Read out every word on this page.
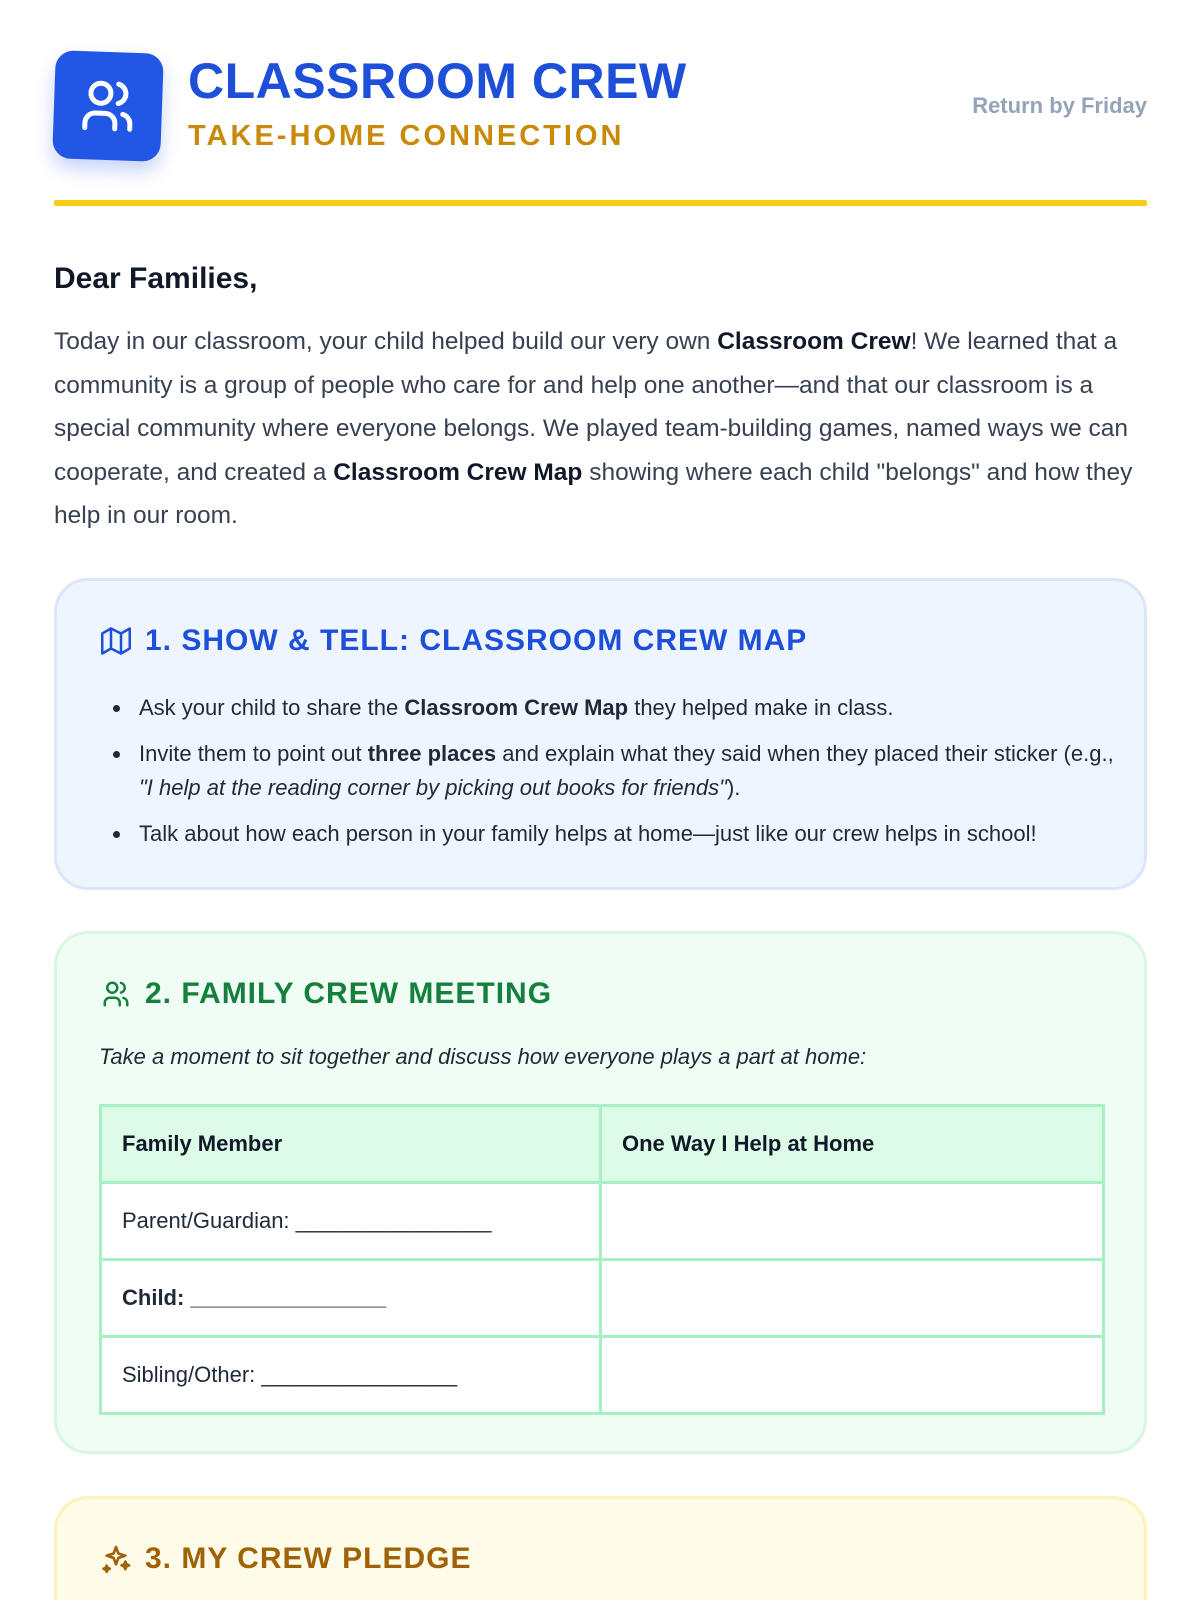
CLASSROOM CREW
TAKE-HOME CONNECTION
Return by Friday
Dear Families,

Today in our classroom, your child helped build our very own Classroom Crew! We learned that a community is a group of people who care for and help one another—and that our classroom is a special community where everyone belongs. We played team-building games, named ways we can cooperate, and created a Classroom Crew Map showing where each child "belongs" and how they help in our room.

1. SHOW & TELL: CLASSROOM CREW MAP
Ask your child to share the Classroom Crew Map they helped make in class.
Invite them to point out three places and explain what they said when they placed their sticker (e.g., "I help at the reading corner by picking out books for friends").
Talk about how each person in your family helps at home—just like our crew helps in school!
2. FAMILY CREW MEETING

Take a moment to sit together and discuss how everyone plays a part at home:

Family Member	One Way I Help at Home
Parent/Guardian: ________________	
Child: ________________	
Sibling/Other: ________________	
3. MY CREW PLEDGE
